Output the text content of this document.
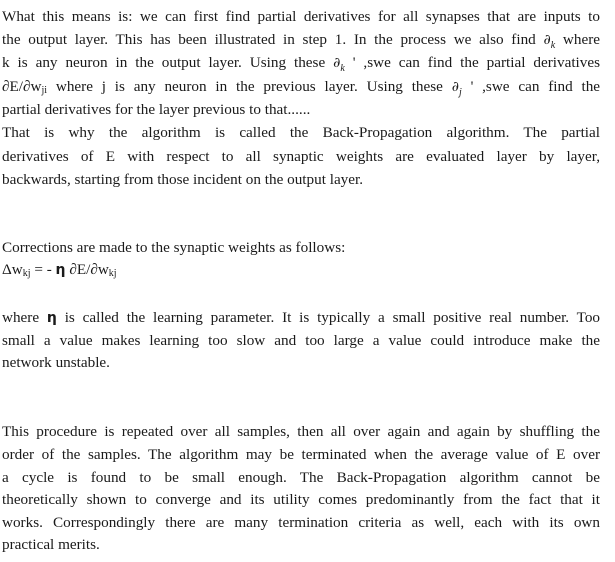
What this means is: we can first find partial derivatives for all synapses that are inputs to
the output layer. This has been illustrated in step 1. In the process we also find $\partial_k$ where
k is any neuron in the output layer. Using these $\partial_k$ ' ,swe can find the partial derivatives
∂E/∂wji where j is any neuron in the previous layer. Using these $\partial_j$ ' ,swe can find the
partial derivatives for the layer previous to that......
That is why the algorithm is called the Back-Propagation algorithm. The partial
derivatives of E with respect to all synaptic weights are evaluated layer by layer,
backwards, starting from those incident on the output layer.
Corrections are made to the synaptic weights as follows:
Δwkj = - η ∂E/∂wkj
where η is called the learning parameter. It is typically a small positive real number. Too
small a value makes learning too slow and too large a value could introduce make the
network unstable.
This procedure is repeated over all samples, then all over again and again by shuffling the
order of the samples. The algorithm may be terminated when the average value of E over
a cycle is found to be small enough. The Back-Propagation algorithm cannot be
theoretically shown to converge and its utility comes predominantly from the fact that it
works. Correspondingly there are many termination criteria as well, each with its own
practical merits.
